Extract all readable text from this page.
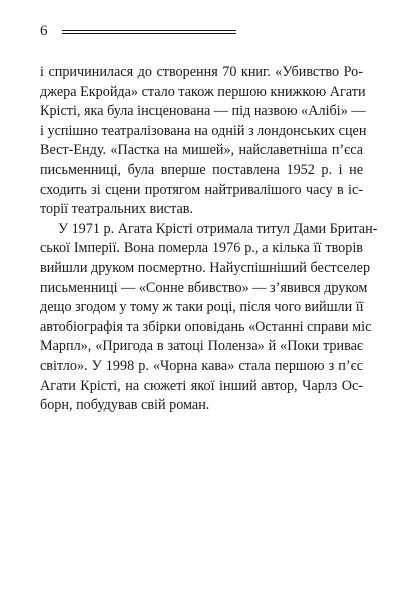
6

і спричинилася до створення 70 книг. «Убивство Ро-
джера Екройда» стало також першою книжкою Агати
Крісті, яка була інсценована — під назвою «Алібі» —
і успішно театралізована на одній з лондонських сцен
Вест-Енду. «Пастка на мишей», найславетніша п’єса
письменниці, була вперше поставлена 1952 р. і не
сходить зі сцени протягом найтривалішого часу в іс-
торії театральних вистав.

У 1971 р. Агата Крісті отримала титул Дами Британ-
ської Імперії. Вона померла 1976 р., а кілька її творів
вийшли друком посмертно. Найуспішніший бестселер
письменниці — «Сонне вбивство» — з’явився друком
дещо згодом у тому ж таки році, після чого вийшли її
автобіографія та збірки оповідань «Останні справи міс
Марпл», «Пригода в затоці Поленза» й «Поки триває
світло». У 1998 р. «Чорна кава» стала першою з п’єс
Агати Крісті, на сюжеті якої інший автор, Чарлз Ос-
борн, побудував свій роман.
